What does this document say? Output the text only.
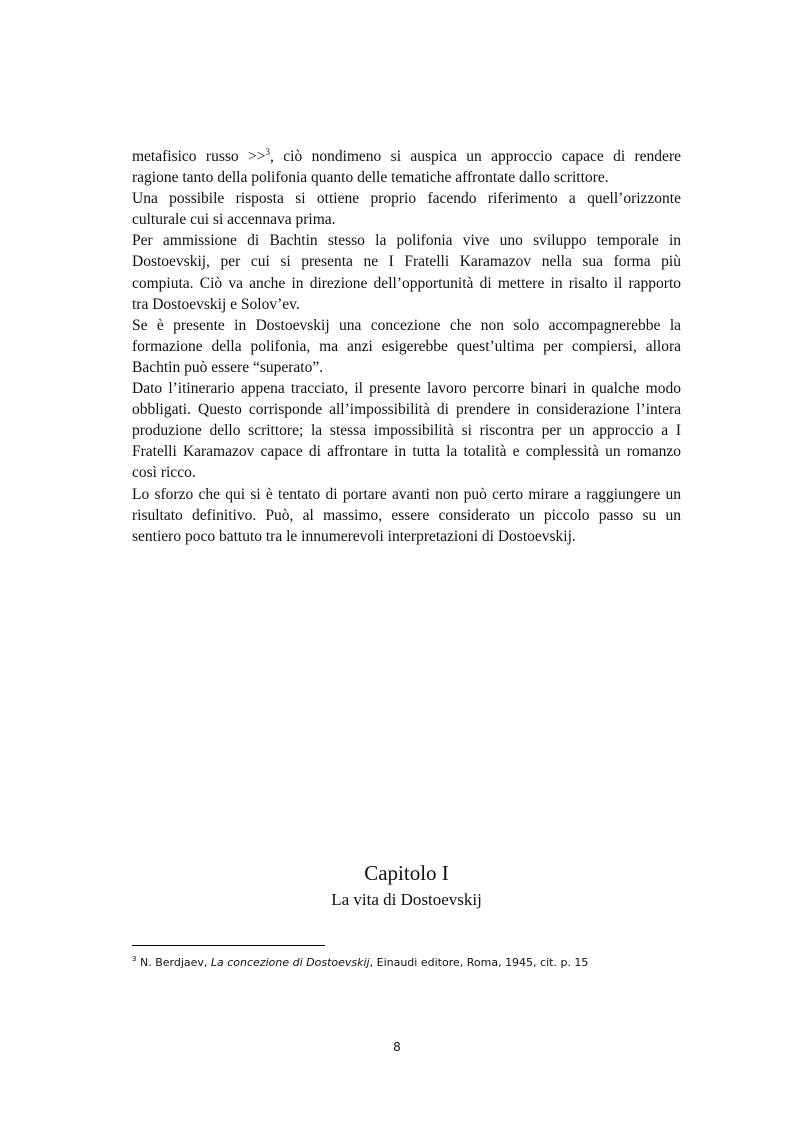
metafisico russo >>$^3$, ciò nondimeno si auspica un approccio capace di rendere
ragione tanto della polifonia quanto delle tematiche affrontate dallo scrittore.
Una possibile risposta si ottiene proprio facendo riferimento a quell’orizzonte
culturale cui si accennava prima.
Per ammissione di Bachtin stesso la polifonia vive uno sviluppo temporale in
Dostoevskij, per cui si presenta ne I Fratelli Karamazov nella sua forma più
compiuta. Ciò va anche in direzione dell’opportunità di mettere in risalto il rapporto
tra Dostoevskij e Solov’ev.
Se è presente in Dostoevskij una concezione che non solo accompagnerebbe la
formazione della polifonia, ma anzi esigerebbe quest’ultima per compiersi, allora
Bachtin può essere “superato”.
Dato l’itinerario appena tracciato, il presente lavoro percorre binari in qualche modo
obbligati. Questo corrisponde all’impossibilità di prendere in considerazione l’intera
produzione dello scrittore; la stessa impossibilità si riscontra per un approccio a I
Fratelli Karamazov capace di affrontare in tutta la totalità e complessità un romanzo
così ricco.
Lo sforzo che qui si è tentato di portare avanti non può certo mirare a raggiungere un
risultato definitivo. Può, al massimo, essere considerato un piccolo passo su un
sentiero poco battuto tra le innumerevoli interpretazioni di Dostoevskij.
Capitolo I
La vita di Dostoevskij
$^3$ N. Berdjaev, La concezione di Dostoevskij, Einaudi editore, Roma, 1945, cit. p. 15
8
